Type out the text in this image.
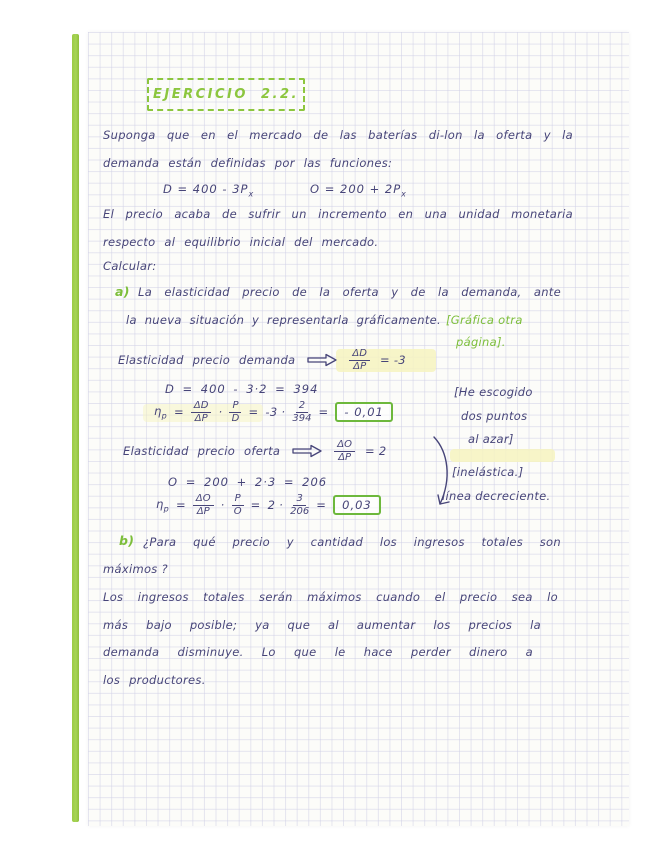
EJERCICIO 2.2.
Suponga que en el mercado de las baterías di-lon la oferta y la
demanda están definidas por las funciones:
$D = 400 - 3P_x$	$O = 200 + 2P_x$
El precio acaba de sufrir un incremento en una unidad monetaria
respecto al equilibrio inicial del mercado.
Calcular:
a) La elasticidad precio de la oferta y de la demanda, ante
la nueva situación y representarla gráficamente. [Gráfica otra
página].
Elasticidad precio demanda	$\frac{\Delta D}{\Delta P} = -3$
D = 400 - 3·2 = 394
$\eta_p = \frac{\Delta D}{\Delta P} \cdot \frac{P}{D} = -3 \cdot \frac{2}{394}$ =	- 0,01
[He escogido
dos puntos
al azar]
Elasticidad precio oferta	$\frac{\Delta O}{\Delta P} = 2$
O = 200 + 2·3 = 206
$\eta_p = \frac{\Delta O}{\Delta P} \cdot \frac{P}{O} = 2 \cdot \frac{3}{206}$ =	0,03
[inelástica.]
línea decreciente.
b) ¿Para qué precio y cantidad los ingresos totales son
máximos ?
Los ingresos totales serán máximos cuando el precio sea lo
más bajo posible; ya que al aumentar los precios la
demanda disminuye. Lo que le hace perder dinero a
los productores.
